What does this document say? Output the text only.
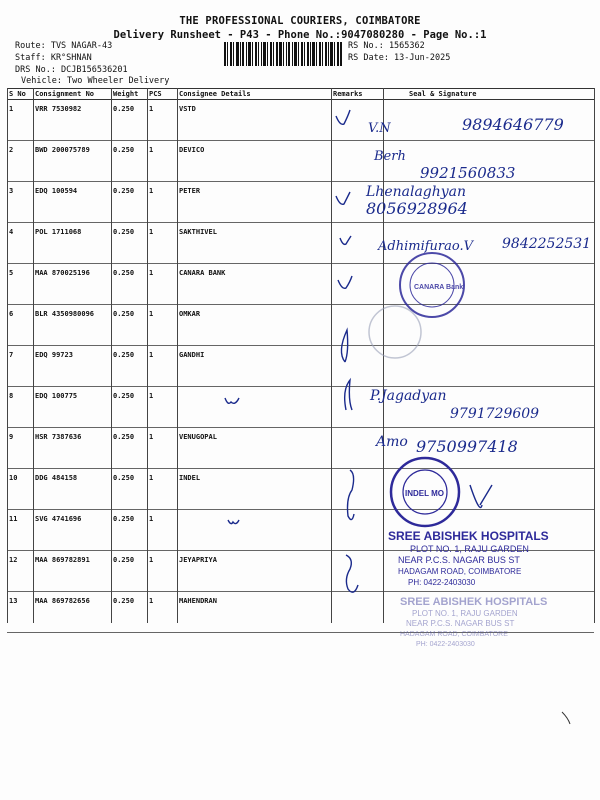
THE PROFESSIONAL COURIERS, COIMBATORE
Delivery Runsheet - P43 - Phone No.:9047080280 - Page No.:1
Route: TVS NAGAR-43
Staff: KR°SHNAN
DRS No.: DCJB156536201
Vehicle: Two Wheeler Delivery
RS No.: 1565362
RS Date: 13-Jun-2025
S No	Consignment No	Weight	PCS	Consignee Details	Remarks	Seal & Signature
1	VRR 7530982	0.250	1	VSTD
2	BWD 200075789	0.250	1	DEVICO
3	EDQ 100594	0.250	1	PETER
4	POL 1711068	0.250	1	SAKTHIVEL
5	MAA 870025196	0.250	1	CANARA BANK
6	BLR 4350980096	0.250	1	OMKAR
7	EDQ 99723	0.250	1	GANDHI
8	EDQ 100775	0.250	1
9	HSR 7387636	0.250	1	VENUGOPAL
10	DDG 484158	0.250	1	INDEL
11	SVG 4741696	0.250	1
12	MAA 869782891	0.250	1	JEYAPRIYA
13	MAA 869782656	0.250	1	MAHENDRAN
V.N	9894646779
Berh
9921560833
Lhenalaghyan
8056928964
Adhimifurao.V 9842252531
P.Jagadyan
9791729609
Amo 9750997418
CANARA Bank
INDEL MO
SREE ABISHEK HOSPITALS
PLOT NO. 1, RAJU GARDEN
NEAR P.C.S. NAGAR BUS ST
HADAGAM ROAD, COIMBATORE
PH: 0422-2403030
SREE ABISHEK HOSPITALS
PLOT NO. 1, RAJU GARDEN
NEAR P.C.S. NAGAR BUS ST
HADAGAM ROAD, COIMBATORE
PH: 0422-2403030
